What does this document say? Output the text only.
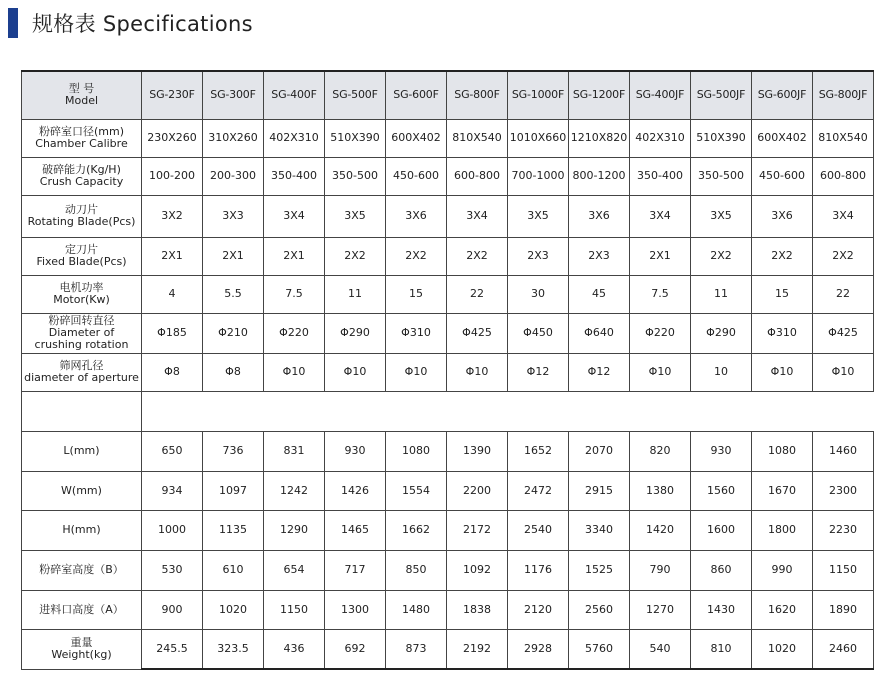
规格表 Specifications
型 号
Model	SG-230F	SG-300F	SG-400F	SG-500F	SG-600F	SG-800F	SG-1000F	SG-1200F	SG-400JF	SG-500JF	SG-600JF	SG-800JF

粉碎室口径(mm)
Chamber Calibre	230X260	310X260	402X310	510X390	600X402	810X540	1010X660	1210X820	402X310	510X390	600X402	810X540

破碎能力(Kg/H)
Crush Capacity	100-200	200-300	350-400	350-500	450-600	600-800	700-1000	800-1200	350-400	350-500	450-600	600-800

动刀片
Rotating Blade(Pcs)	3X2	3X3	3X4	3X5	3X6	3X4	3X5	3X6	3X4	3X5	3X6	3X4

定刀片
Fixed Blade(Pcs)	2X1	2X1	2X1	2X2	2X2	2X2	2X3	2X3	2X1	2X2	2X2	2X2

电机功率
Motor(Kw)	4	5.5	7.5	11	15	22	30	45	7.5	11	15	22

粉碎回转直径
Diameter of
crushing rotation	Φ185	Φ210	Φ220	Φ290	Φ310	Φ425	Φ450	Φ640	Φ220	Φ290	Φ310	Φ425

筛网孔径
diameter of aperture	Φ8	Φ8	Φ10	Φ10	Φ10	Φ10	Φ12	Φ12	Φ10	10	Φ10	Φ10

L(mm)	650	736	831	930	1080	1390	1652	2070	820	930	1080	1460
W(mm)	934	1097	1242	1426	1554	2200	2472	2915	1380	1560	1670	2300
H(mm)	1000	1135	1290	1465	1662	2172	2540	3340	1420	1600	1800	2230
粉碎室高度（B）	530	610	654	717	850	1092	1176	1525	790	860	990	1150
进料口高度（A）	900	1020	1150	1300	1480	1838	2120	2560	1270	1430	1620	1890

重量
Weight(kg)	245.5	323.5	436	692	873	2192	2928	5760	540	810	1020	2460
